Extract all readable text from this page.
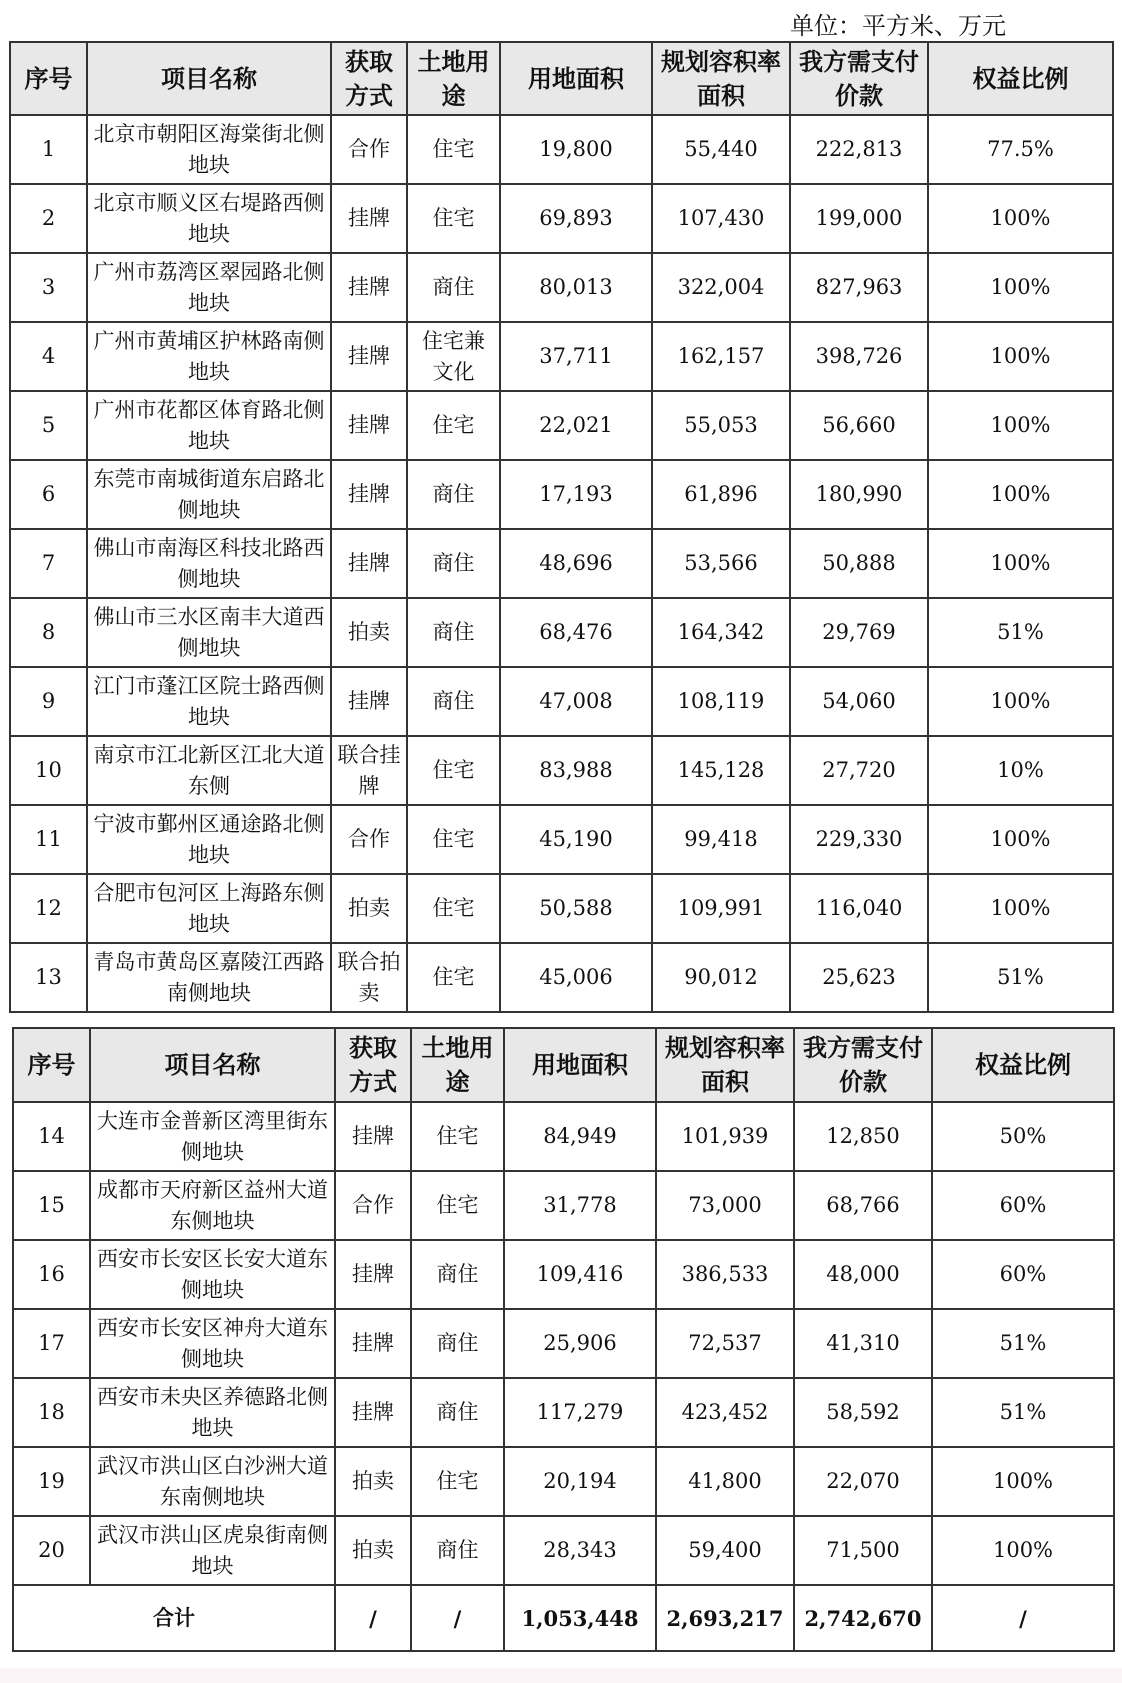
单位：平方米、万元
序号	项目名称	获取方式	土地用途	用地面积	规划容积率面积	我方需支付价款	权益比例
1	北京市朝阳区海棠街北侧地块	合作	住宅	19,800	55,440	222,813	77.5%
2	北京市顺义区右堤路西侧地块	挂牌	住宅	69,893	107,430	199,000	100%
3	广州市荔湾区翠园路北侧地块	挂牌	商住	80,013	322,004	827,963	100%
4	广州市黄埔区护林路南侧地块	挂牌	住宅兼文化	37,711	162,157	398,726	100%
5	广州市花都区体育路北侧地块	挂牌	住宅	22,021	55,053	56,660	100%
6	东莞市南城街道东启路北侧地块	挂牌	商住	17,193	61,896	180,990	100%
7	佛山市南海区科技北路西侧地块	挂牌	商住	48,696	53,566	50,888	100%
8	佛山市三水区南丰大道西侧地块	拍卖	商住	68,476	164,342	29,769	51%
9	江门市蓬江区院士路西侧地块	挂牌	商住	47,008	108,119	54,060	100%
10	南京市江北新区江北大道东侧	联合挂牌	住宅	83,988	145,128	27,720	10%
11	宁波市鄞州区通途路北侧地块	合作	住宅	45,190	99,418	229,330	100%
12	合肥市包河区上海路东侧地块	拍卖	住宅	50,588	109,991	116,040	100%
13	青岛市黄岛区嘉陵江西路南侧地块	联合拍卖	住宅	45,006	90,012	25,623	51%
序号	项目名称	获取方式	土地用途	用地面积	规划容积率面积	我方需支付价款	权益比例
14	大连市金普新区湾里街东侧地块	挂牌	住宅	84,949	101,939	12,850	50%
15	成都市天府新区益州大道东侧地块	合作	住宅	31,778	73,000	68,766	60%
16	西安市长安区长安大道东侧地块	挂牌	商住	109,416	386,533	48,000	60%
17	西安市长安区神舟大道东侧地块	挂牌	商住	25,906	72,537	41,310	51%
18	西安市未央区养德路北侧地块	挂牌	商住	117,279	423,452	58,592	51%
19	武汉市洪山区白沙洲大道东南侧地块	拍卖	住宅	20,194	41,800	22,070	100%
20	武汉市洪山区虎泉街南侧地块	拍卖	商住	28,343	59,400	71,500	100%
合计		/	/	1,053,448	2,693,217	2,742,670	/
